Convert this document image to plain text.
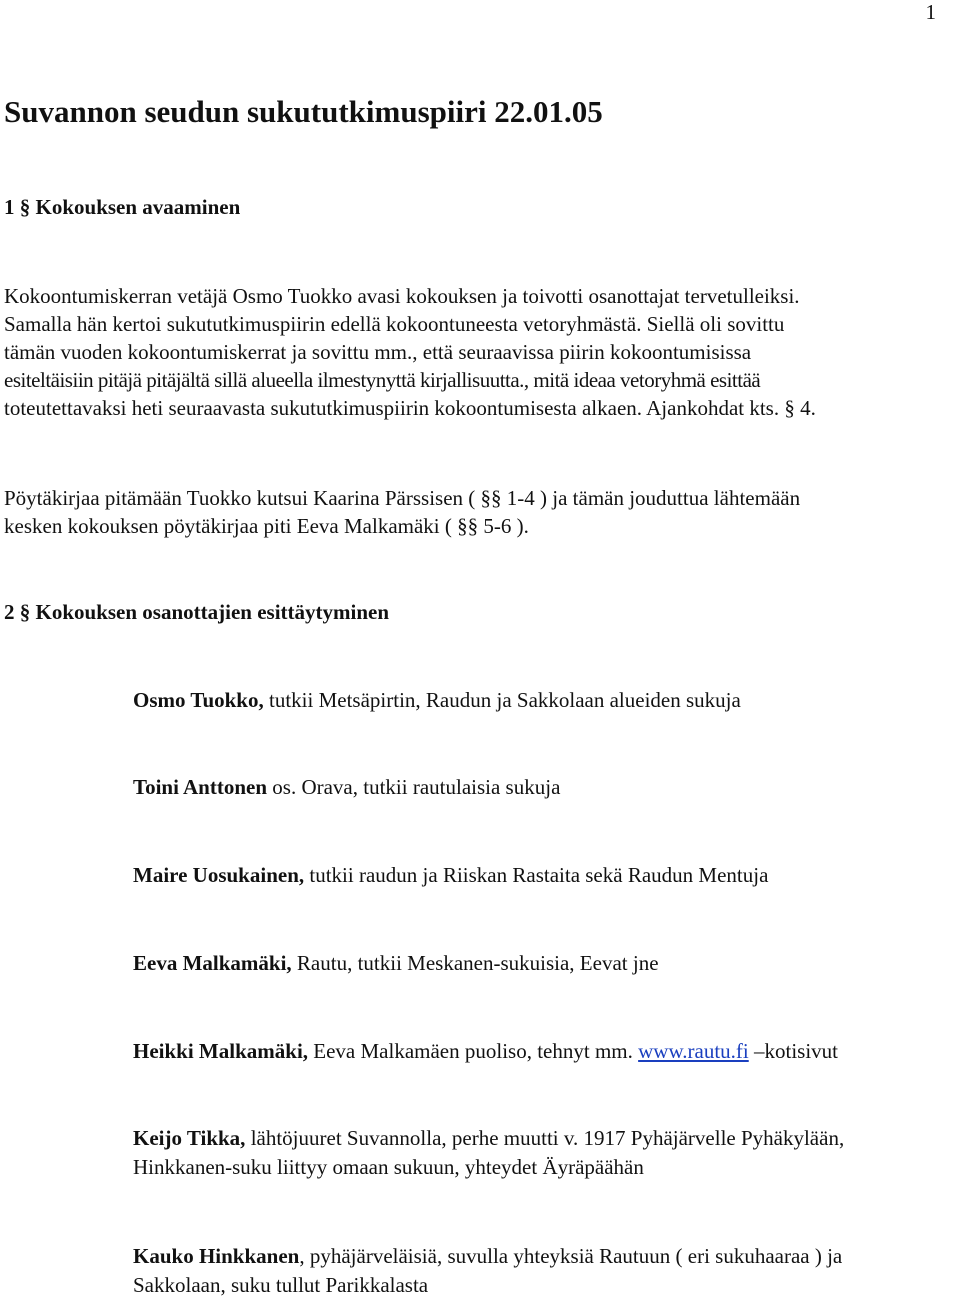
1
Suvannon seudun sukututkimuspiiri 22.01.05
1 § Kokouksen avaaminen
Kokoontumiskerran vetäjä Osmo Tuokko avasi kokouksen ja toivotti osanottajat tervetulleiksi.
Samalla hän kertoi sukututkimuspiirin edellä kokoontuneesta vetoryhmästä. Siellä oli sovittu
tämän vuoden kokoontumiskerrat ja sovittu mm., että seuraavissa piirin kokoontumisissa
esiteltäisiin pitäjä pitäjältä sillä alueella ilmestynyttä kirjallisuutta., mitä ideaa vetoryhmä esittää
toteutettavaksi heti seuraavasta sukututkimuspiirin kokoontumisesta alkaen. Ajankohdat kts. § 4.
Pöytäkirjaa pitämään Tuokko kutsui Kaarina Pärssisen ( §§ 1-4 ) ja tämän jouduttua lähtemään
kesken kokouksen pöytäkirjaa piti Eeva Malkamäki ( §§ 5-6 ).
2 § Kokouksen osanottajien esittäytyminen
Osmo Tuokko, tutkii Metsäpirtin, Raudun ja Sakkolaan alueiden sukuja
Toini Anttonen os. Orava, tutkii rautulaisia sukuja
Maire Uosukainen, tutkii raudun ja Riiskan Rastaita sekä Raudun Mentuja
Eeva Malkamäki, Rautu, tutkii Meskanen-sukuisia, Eevat jne
Heikki Malkamäki, Eeva Malkamäen puoliso, tehnyt mm. www.rautu.fi –kotisivut
Keijo Tikka, lähtöjuuret Suvannolla, perhe muutti v. 1917 Pyhäjärvelle Pyhäkylään,
Hinkkanen-suku liittyy omaan sukuun, yhteydet Äyräpäähän
Kauko Hinkkanen, pyhäjärveläisiä, suvulla yhteyksiä Rautuun ( eri sukuhaaraa ) ja
Sakkolaan, suku tullut Parikkalasta
